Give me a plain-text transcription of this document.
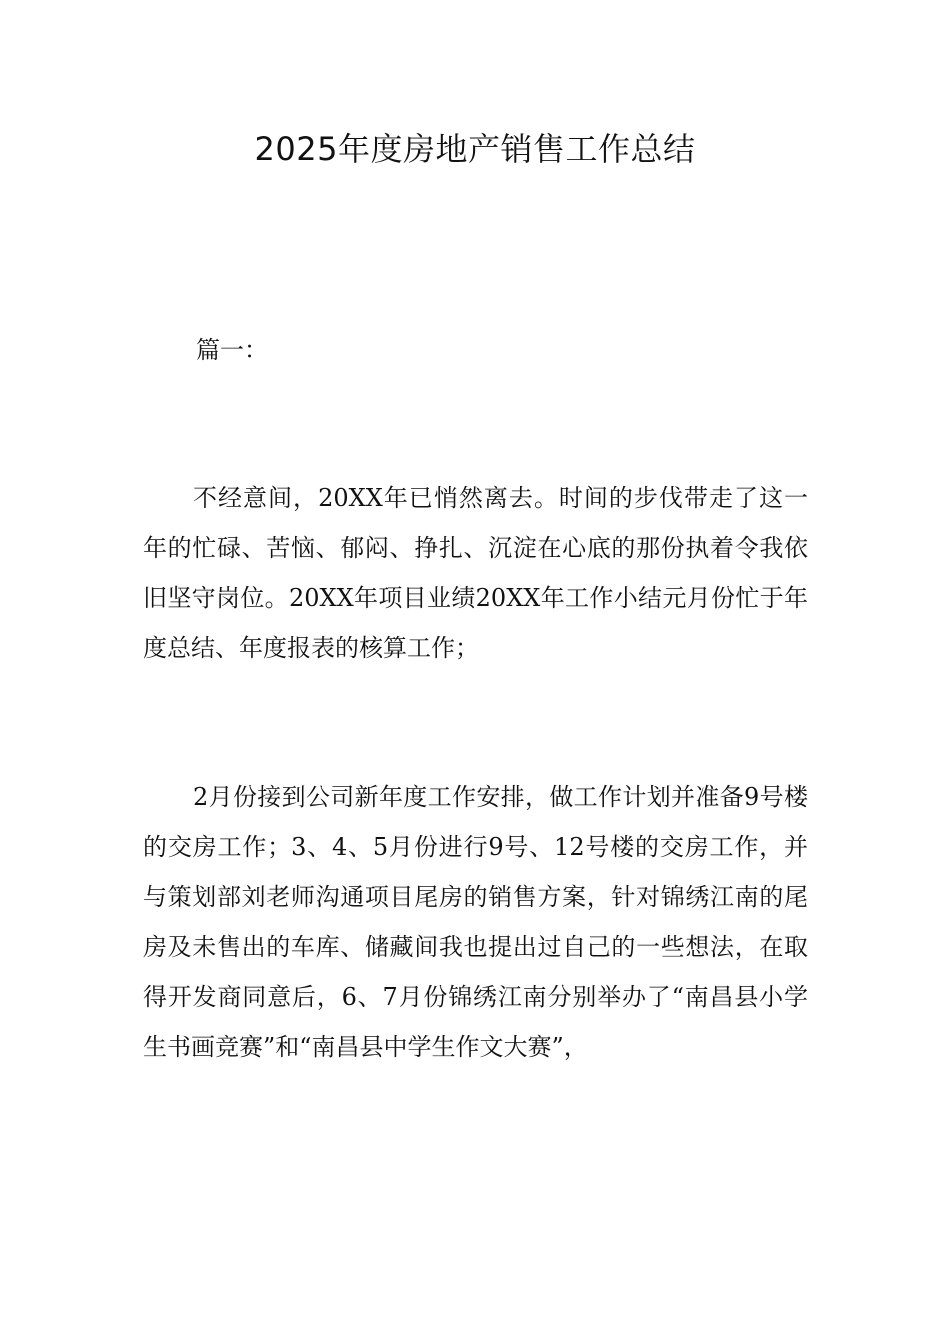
2025年度房地产销售工作总结

篇一：

不经意间，20XX年已悄然离去。时间的步伐带走了这一年的忙碌、苦恼、郁闷、挣扎、沉淀在心底的那份执着令我依旧坚守岗位。20XX年项目业绩20XX年工作小结元月份忙于年度总结、年度报表的核算工作；

2月份接到公司新年度工作安排，做工作计划并准备9号楼的交房工作；3、4、5月份进行9号、12号楼的交房工作，并与策划部刘老师沟通项目尾房的销售方案，针对锦绣江南的尾房及未售出的车库、储藏间我也提出过自己的一些想法，在取得开发商同意后，6、7月份锦绣江南分别举办了“南昌县小学生书画竞赛”和“南昌县中学生作文大赛”，
